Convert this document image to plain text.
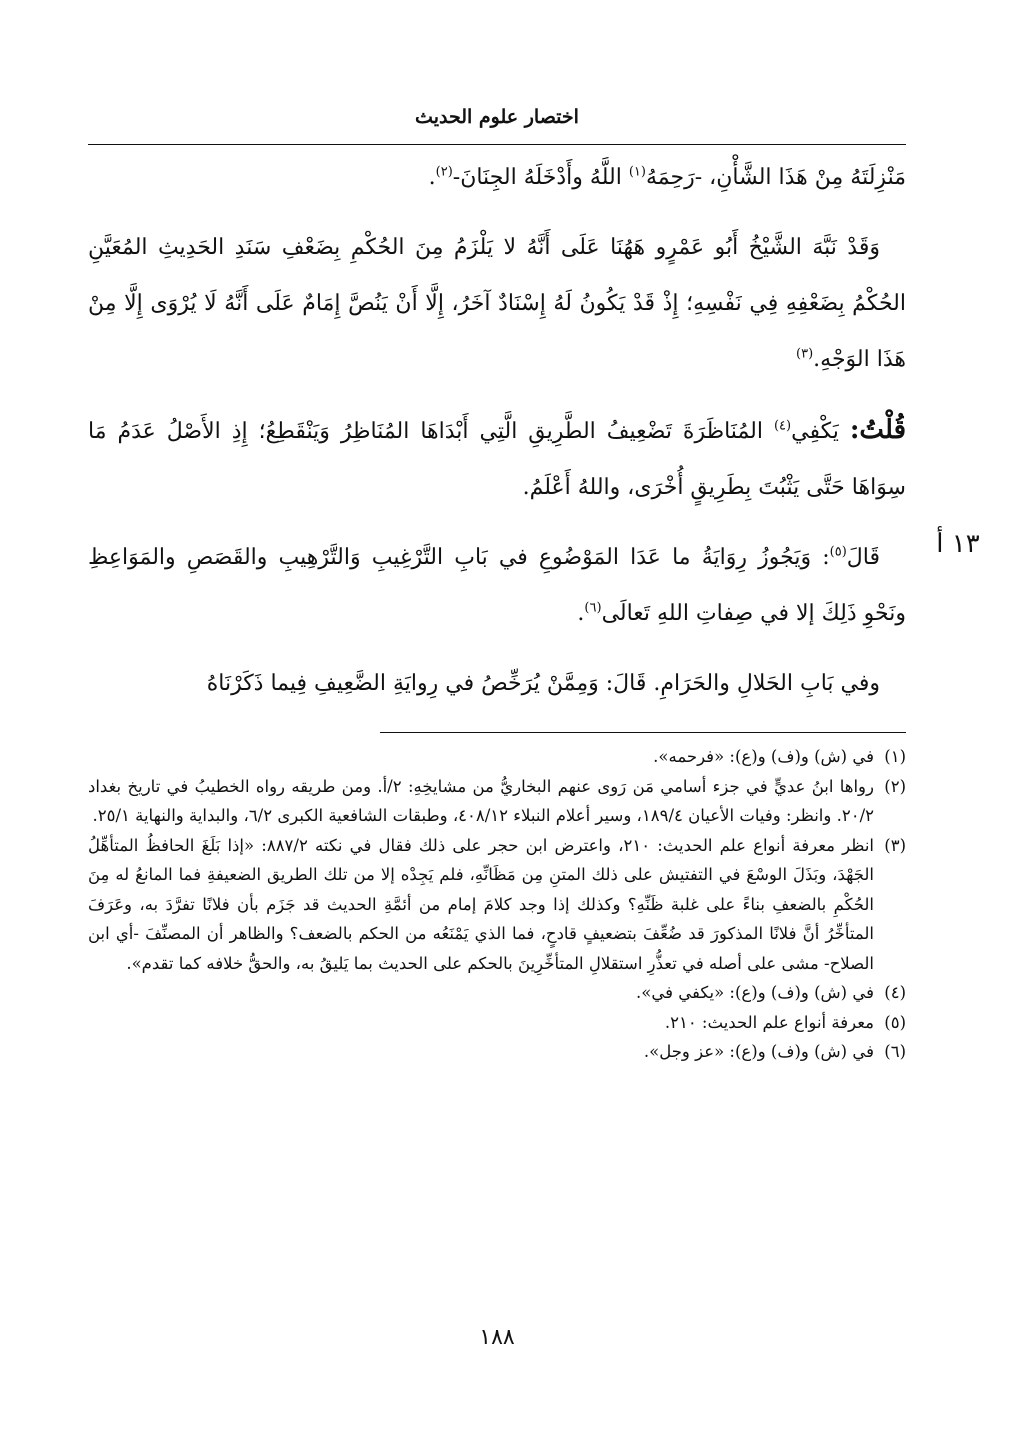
اختصار علوم الحديث
١٣ أ

مَنْزِلَتَهُ مِنْ هَذَا الشَّأْنِ، -رَحِمَهُ$^{(١)}$ اللَّهُ وأَدْخَلَهُ الجِنَانَ-$^{(٢)}$.

وَقَدْ نَبَّهَ الشَّيْخُ أَبُو عَمْرٍو هَهُنَا عَلَى أَنَّهُ لا يَلْزَمُ مِنَ الحُكْمِ بِضَعْفِ سَنَدِ الحَدِيثِ المُعَيَّنِ الحُكْمُ بِضَعْفِهِ فِي نَفْسِهِ؛ إِذْ قَدْ يَكُونُ لَهُ إِسْنَادٌ آخَرُ، إِلَّا أَنْ يَنُصَّ إِمَامٌ عَلَى أَنَّهُ لَا يُرْوَى إِلَّا مِنْ هَذَا الوَجْهِ.$^{(٣)}$

قُلْتُ: يَكْفِي$^{(٤)}$ المُنَاظَرَةَ تَضْعِيفُ الطَّرِيقِ الَّتِي أَبْدَاهَا المُنَاظِرُ وَيَنْقَطِعُ؛ إِذِ الأَصْلُ عَدَمُ مَا سِوَاهَا حَتَّى يَثْبُتَ بِطَرِيقٍ أُخْرَى، واللهُ أَعْلَمُ.

قَالَ$^{(٥)}$: وَيَجُوزُ رِوَايَةُ ما عَدَا المَوْضُوعِ في بَابِ التَّرْغِيبِ وَالتَّرْهِيبِ والقَصَصِ والمَوَاعِظِ ونَحْوِ ذَلِكَ إلا في صِفاتِ اللهِ تَعالَى$^{(٦)}$.

وفي بَابِ الحَلالِ والحَرَامِ. قَالَ: وَمِمَّنْ يُرَخِّصُ في رِوايَةِ الضَّعِيفِ فِيما ذَكَرْنَاهُ

(١)
في (ش) و(ف) و(ع): «فرحمه».
(٢)
رواها ابنُ عديٍّ في جزء أسامي مَن رَوى عنهم البخاريُّ من مشايخِهِ: ٢/أ. ومن طريقه رواه الخطيبُ في تاريخ بغداد ٢٠/٢. وانظر: وفيات الأعيان ١٨٩/٤، وسير أعلام النبلاء ٤٠٨/١٢، وطبقات الشافعية الكبرى ٦/٢، والبداية والنهاية ٢٥/١.
(٣)
انظر معرفة أنواع علم الحديث: ٢١٠، واعترض ابن حجر على ذلك فقال في نكته ٨٨٧/٢: «إذا بَلَغَ الحافظُ المتأهِّلُ الجَهْدَ، وبَذَلَ الوسْعَ في التفتيش على ذلك المتنِ مِن مَظَانِّهِ، فلم يَجِدْه إلا من تلك الطريق الضعيفةِ فما المانعُ له مِنَ الحُكْمِ بالضعفِ بناءً على غلبة ظَنِّهِ؟ وكذلك إذا وجد كلامَ إمام من أئمَّةِ الحديث قد جَزَم بأن فلانًا تفرَّدَ به، وعَرَفَ المتأخِّرُ أنَّ فلانًا المذكورَ قد ضُعِّفَ بتضعيفٍ قادحٍ، فما الذي يَمْنَعُه من الحكم بالضعف؟ والظاهر أن المصنِّفَ -أي ابن الصلاح- مشى على أصله في تعذُّرِ استقلالِ المتأخِّرِينَ بالحكم على الحديث بما يَليقُ به، والحقُّ خلافه كما تقدم».
(٤)
في (ش) و(ف) و(ع): «يكفي في».
(٥)
معرفة أنواع علم الحديث: ٢١٠.
(٦)
في (ش) و(ف) و(ع): «عز وجل».
١٨٨
